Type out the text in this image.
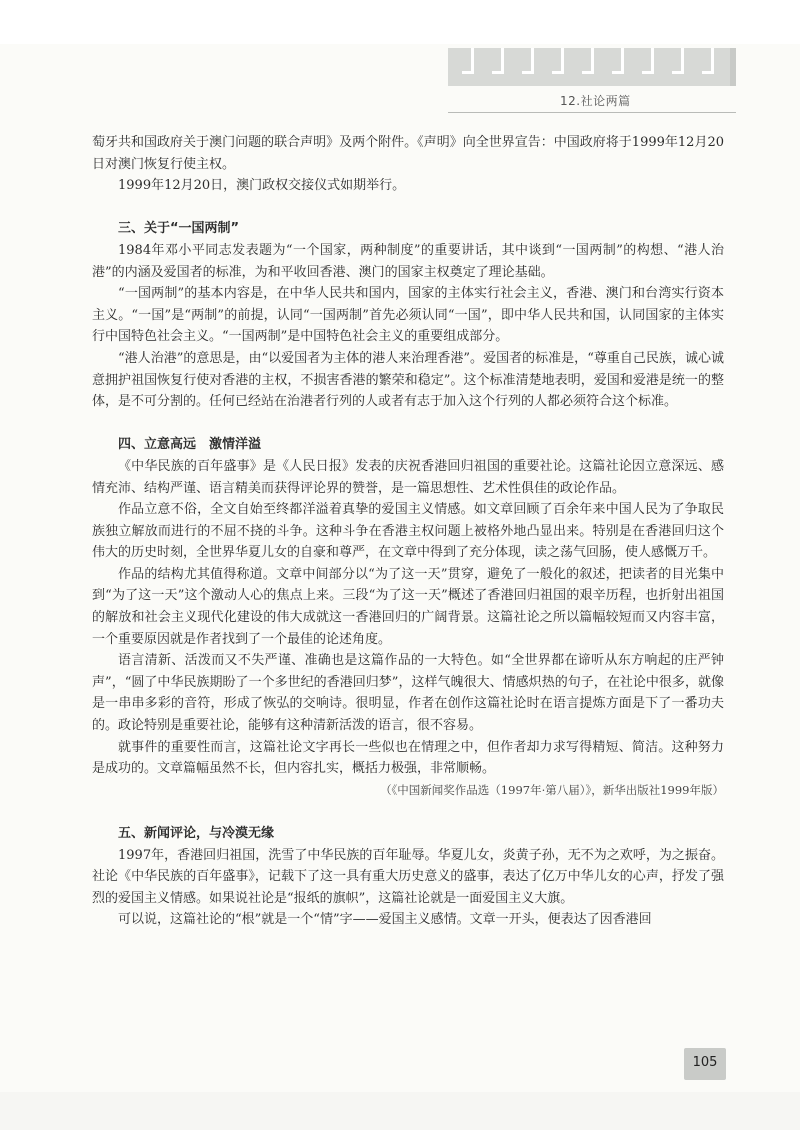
12.社论两篇

萄牙共和国政府关于澳门问题的联合声明》及两个附件。《声明》向全世界宣告：中国政府将于1999年12月20日对澳门恢复行使主权。

1999年12月20日，澳门政权交接仪式如期举行。

三、关于“一国两制”

1984年邓小平同志发表题为“一个国家，两种制度”的重要讲话，其中谈到“一国两制”的构想、“港人治港”的内涵及爱国者的标准，为和平收回香港、澳门的国家主权奠定了理论基础。

“一国两制”的基本内容是，在中华人民共和国内，国家的主体实行社会主义，香港、澳门和台湾实行资本主义。“一国”是“两制”的前提，认同“一国两制”首先必须认同“一国”，即中华人民共和国，认同国家的主体实行中国特色社会主义。“一国两制”是中国特色社会主义的重要组成部分。

“港人治港”的意思是，由“以爱国者为主体的港人来治理香港”。爱国者的标准是，“尊重自己民族，诚心诚意拥护祖国恢复行使对香港的主权，不损害香港的繁荣和稳定”。这个标准清楚地表明，爱国和爱港是统一的整体，是不可分割的。任何已经站在治港者行列的人或者有志于加入这个行列的人都必须符合这个标准。

四、立意高远　激情洋溢

《中华民族的百年盛事》是《人民日报》发表的庆祝香港回归祖国的重要社论。这篇社论因立意深远、感情充沛、结构严谨、语言精美而获得评论界的赞誉，是一篇思想性、艺术性俱佳的政论作品。

作品立意不俗，全文自始至终都洋溢着真挚的爱国主义情感。如文章回顾了百余年来中国人民为了争取民族独立解放而进行的不屈不挠的斗争。这种斗争在香港主权问题上被格外地凸显出来。特别是在香港回归这个伟大的历史时刻，全世界华夏儿女的自豪和尊严，在文章中得到了充分体现，读之荡气回肠，使人感慨万千。

作品的结构尤其值得称道。文章中间部分以“为了这一天”贯穿，避免了一般化的叙述，把读者的目光集中到“为了这一天”这个激动人心的焦点上来。三段“为了这一天”概述了香港回归祖国的艰辛历程，也折射出祖国的解放和社会主义现代化建设的伟大成就这一香港回归的广阔背景。这篇社论之所以篇幅较短而又内容丰富，一个重要原因就是作者找到了一个最佳的论述角度。

语言清新、活泼而又不失严谨、准确也是这篇作品的一大特色。如“全世界都在谛听从东方响起的庄严钟声”，“圆了中华民族期盼了一个多世纪的香港回归梦”，这样气魄很大、情感炽热的句子，在社论中很多，就像是一串串多彩的音符，形成了恢弘的交响诗。很明显，作者在创作这篇社论时在语言提炼方面是下了一番功夫的。政论特别是重要社论，能够有这种清新活泼的语言，很不容易。

就事件的重要性而言，这篇社论文字再长一些似也在情理之中，但作者却力求写得精短、简洁。这种努力是成功的。文章篇幅虽然不长，但内容扎实，概括力极强，非常顺畅。

（《中国新闻奖作品选（1997年·第八届）》，新华出版社1999年版）

五、新闻评论，与冷漠无缘

1997年，香港回归祖国，洗雪了中华民族的百年耻辱。华夏儿女，炎黄子孙，无不为之欢呼，为之振奋。社论《中华民族的百年盛事》，记载下了这一具有重大历史意义的盛事，表达了亿万中华儿女的心声，抒发了强烈的爱国主义情感。如果说社论是“报纸的旗帜”，这篇社论就是一面爱国主义大旗。

可以说，这篇社论的“根”就是一个“情”字——爱国主义感情。文章一开头，便表达了因香港回

105
